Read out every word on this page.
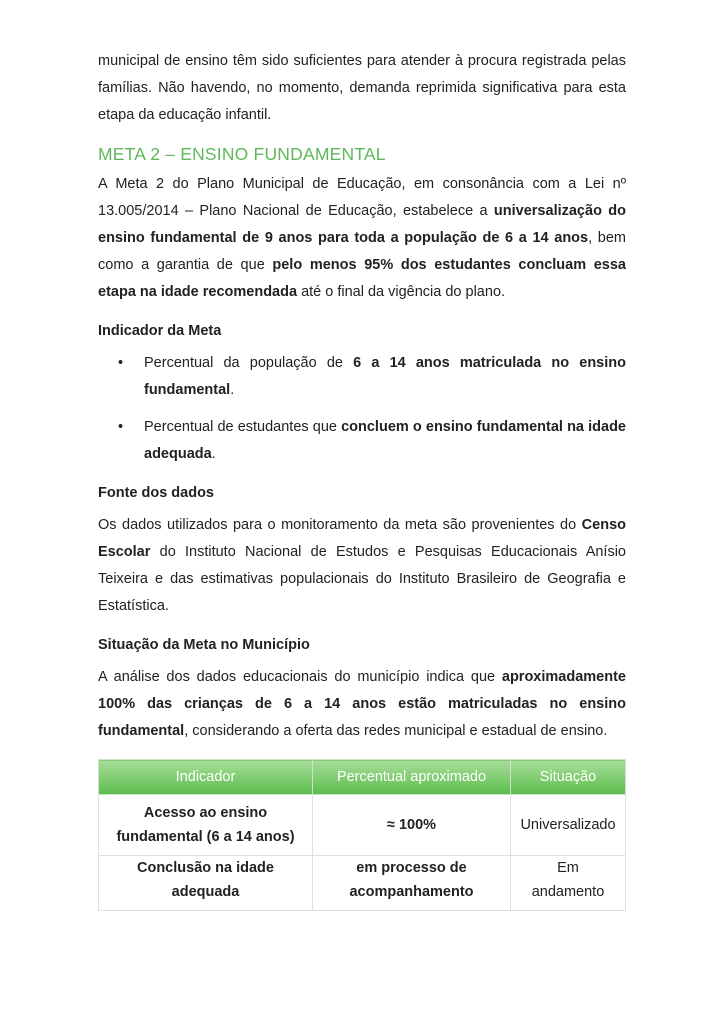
municipal de ensino têm sido suficientes para atender à procura registrada pelas famílias. Não havendo, no momento, demanda reprimida significativa para esta etapa da educação infantil.

META 2 – ENSINO FUNDAMENTAL

A Meta 2 do Plano Municipal de Educação, em consonância com a Lei nº 13.005/2014 – Plano Nacional de Educação, estabelece a universalização do ensino fundamental de 9 anos para toda a população de 6 a 14 anos, bem como a garantia de que pelo menos 95% dos estudantes concluam essa etapa na idade recomendada até o final da vigência do plano.

Indicador da Meta
• Percentual da população de 6 a 14 anos matriculada no ensino fundamental.
• Percentual de estudantes que concluem o ensino fundamental na idade adequada.
Fonte dos dados

Os dados utilizados para o monitoramento da meta são provenientes do Censo Escolar do Instituto Nacional de Estudos e Pesquisas Educacionais Anísio Teixeira e das estimativas populacionais do Instituto Brasileiro de Geografia e Estatística.

Situação da Meta no Município

A análise dos dados educacionais do município indica que aproximadamente 100% das crianças de 6 a 14 anos estão matriculadas no ensino fundamental, considerando a oferta das redes municipal e estadual de ensino.

Indicador	Percentual aproximado	Situação
Acesso ao ensino fundamental (6 a 14 anos)	≈ 100%	Universalizado
Conclusão na idade adequada	em processo de acompanhamento	Em andamento
